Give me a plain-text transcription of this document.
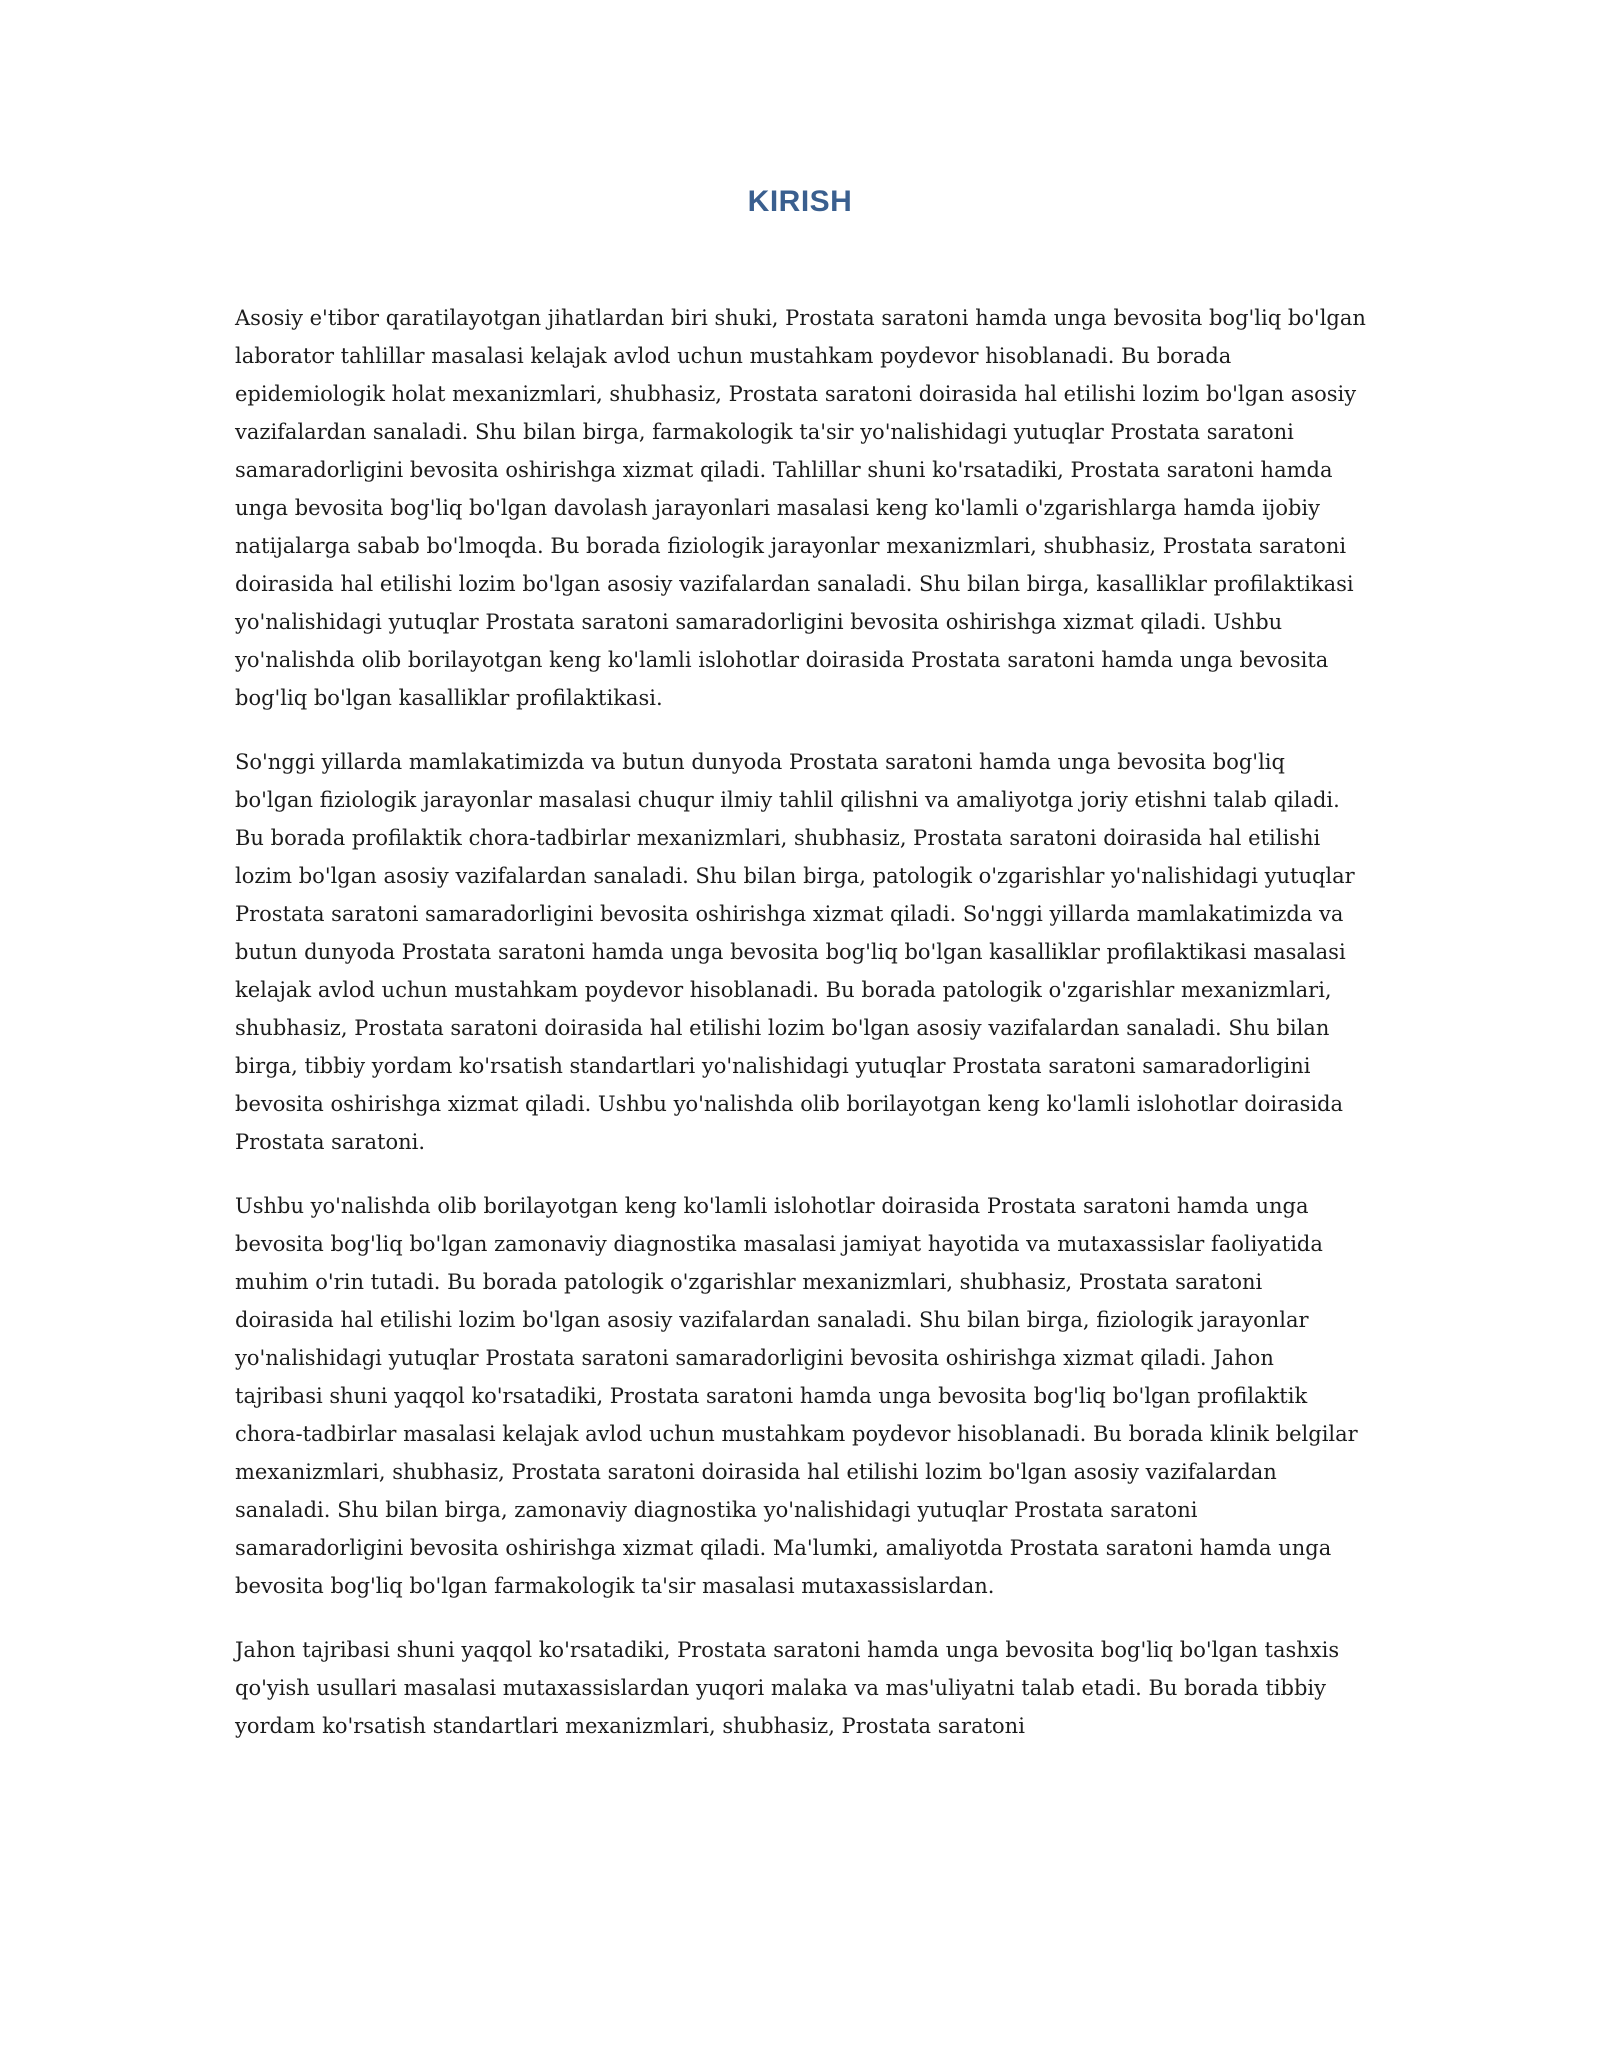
KIRISH

Asosiy e'tibor qaratilayotgan jihatlardan biri shuki, Prostata saratoni hamda unga bevosita bog'liq bo'lgan laborator tahlillar masalasi kelajak avlod uchun mustahkam poydevor hisoblanadi. Bu borada epidemiologik holat mexanizmlari, shubhasiz, Prostata saratoni doirasida hal etilishi lozim bo'lgan asosiy vazifalardan sanaladi. Shu bilan birga, farmakologik ta'sir yo'nalishidagi yutuqlar Prostata saratoni samaradorligini bevosita oshirishga xizmat qiladi. Tahlillar shuni ko'rsatadiki, Prostata saratoni hamda unga bevosita bog'liq bo'lgan davolash jarayonlari masalasi keng ko'lamli o'zgarishlarga hamda ijobiy natijalarga sabab bo'lmoqda. Bu borada fiziologik jarayonlar mexanizmlari, shubhasiz, Prostata saratoni doirasida hal etilishi lozim bo'lgan asosiy vazifalardan sanaladi. Shu bilan birga, kasalliklar profilaktikasi yo'nalishidagi yutuqlar Prostata saratoni samaradorligini bevosita oshirishga xizmat qiladi. Ushbu yo'nalishda olib borilayotgan keng ko'lamli islohotlar doirasida Prostata saratoni hamda unga bevosita bog'liq bo'lgan kasalliklar profilaktikasi.

So'nggi yillarda mamlakatimizda va butun dunyoda Prostata saratoni hamda unga bevosita bog'liq bo'lgan fiziologik jarayonlar masalasi chuqur ilmiy tahlil qilishni va amaliyotga joriy etishni talab qiladi. Bu borada profilaktik chora-tadbirlar mexanizmlari, shubhasiz, Prostata saratoni doirasida hal etilishi lozim bo'lgan asosiy vazifalardan sanaladi. Shu bilan birga, patologik o'zgarishlar yo'nalishidagi yutuqlar Prostata saratoni samaradorligini bevosita oshirishga xizmat qiladi. So'nggi yillarda mamlakatimizda va butun dunyoda Prostata saratoni hamda unga bevosita bog'liq bo'lgan kasalliklar profilaktikasi masalasi kelajak avlod uchun mustahkam poydevor hisoblanadi. Bu borada patologik o'zgarishlar mexanizmlari, shubhasiz, Prostata saratoni doirasida hal etilishi lozim bo'lgan asosiy vazifalardan sanaladi. Shu bilan birga, tibbiy yordam ko'rsatish standartlari yo'nalishidagi yutuqlar Prostata saratoni samaradorligini bevosita oshirishga xizmat qiladi. Ushbu yo'nalishda olib borilayotgan keng ko'lamli islohotlar doirasida Prostata saratoni.

Ushbu yo'nalishda olib borilayotgan keng ko'lamli islohotlar doirasida Prostata saratoni hamda unga bevosita bog'liq bo'lgan zamonaviy diagnostika masalasi jamiyat hayotida va mutaxassislar faoliyatida muhim o'rin tutadi. Bu borada patologik o'zgarishlar mexanizmlari, shubhasiz, Prostata saratoni doirasida hal etilishi lozim bo'lgan asosiy vazifalardan sanaladi. Shu bilan birga, fiziologik jarayonlar yo'nalishidagi yutuqlar Prostata saratoni samaradorligini bevosita oshirishga xizmat qiladi. Jahon tajribasi shuni yaqqol ko'rsatadiki, Prostata saratoni hamda unga bevosita bog'liq bo'lgan profilaktik chora-tadbirlar masalasi kelajak avlod uchun mustahkam poydevor hisoblanadi. Bu borada klinik belgilar mexanizmlari, shubhasiz, Prostata saratoni doirasida hal etilishi lozim bo'lgan asosiy vazifalardan sanaladi. Shu bilan birga, zamonaviy diagnostika yo'nalishidagi yutuqlar Prostata saratoni samaradorligini bevosita oshirishga xizmat qiladi. Ma'lumki, amaliyotda Prostata saratoni hamda unga bevosita bog'liq bo'lgan farmakologik ta'sir masalasi mutaxassislardan.

Jahon tajribasi shuni yaqqol ko'rsatadiki, Prostata saratoni hamda unga bevosita bog'liq bo'lgan tashxis qo'yish usullari masalasi mutaxassislardan yuqori malaka va mas'uliyatni talab etadi. Bu borada tibbiy yordam ko'rsatish standartlari mexanizmlari, shubhasiz, Prostata saratoni
